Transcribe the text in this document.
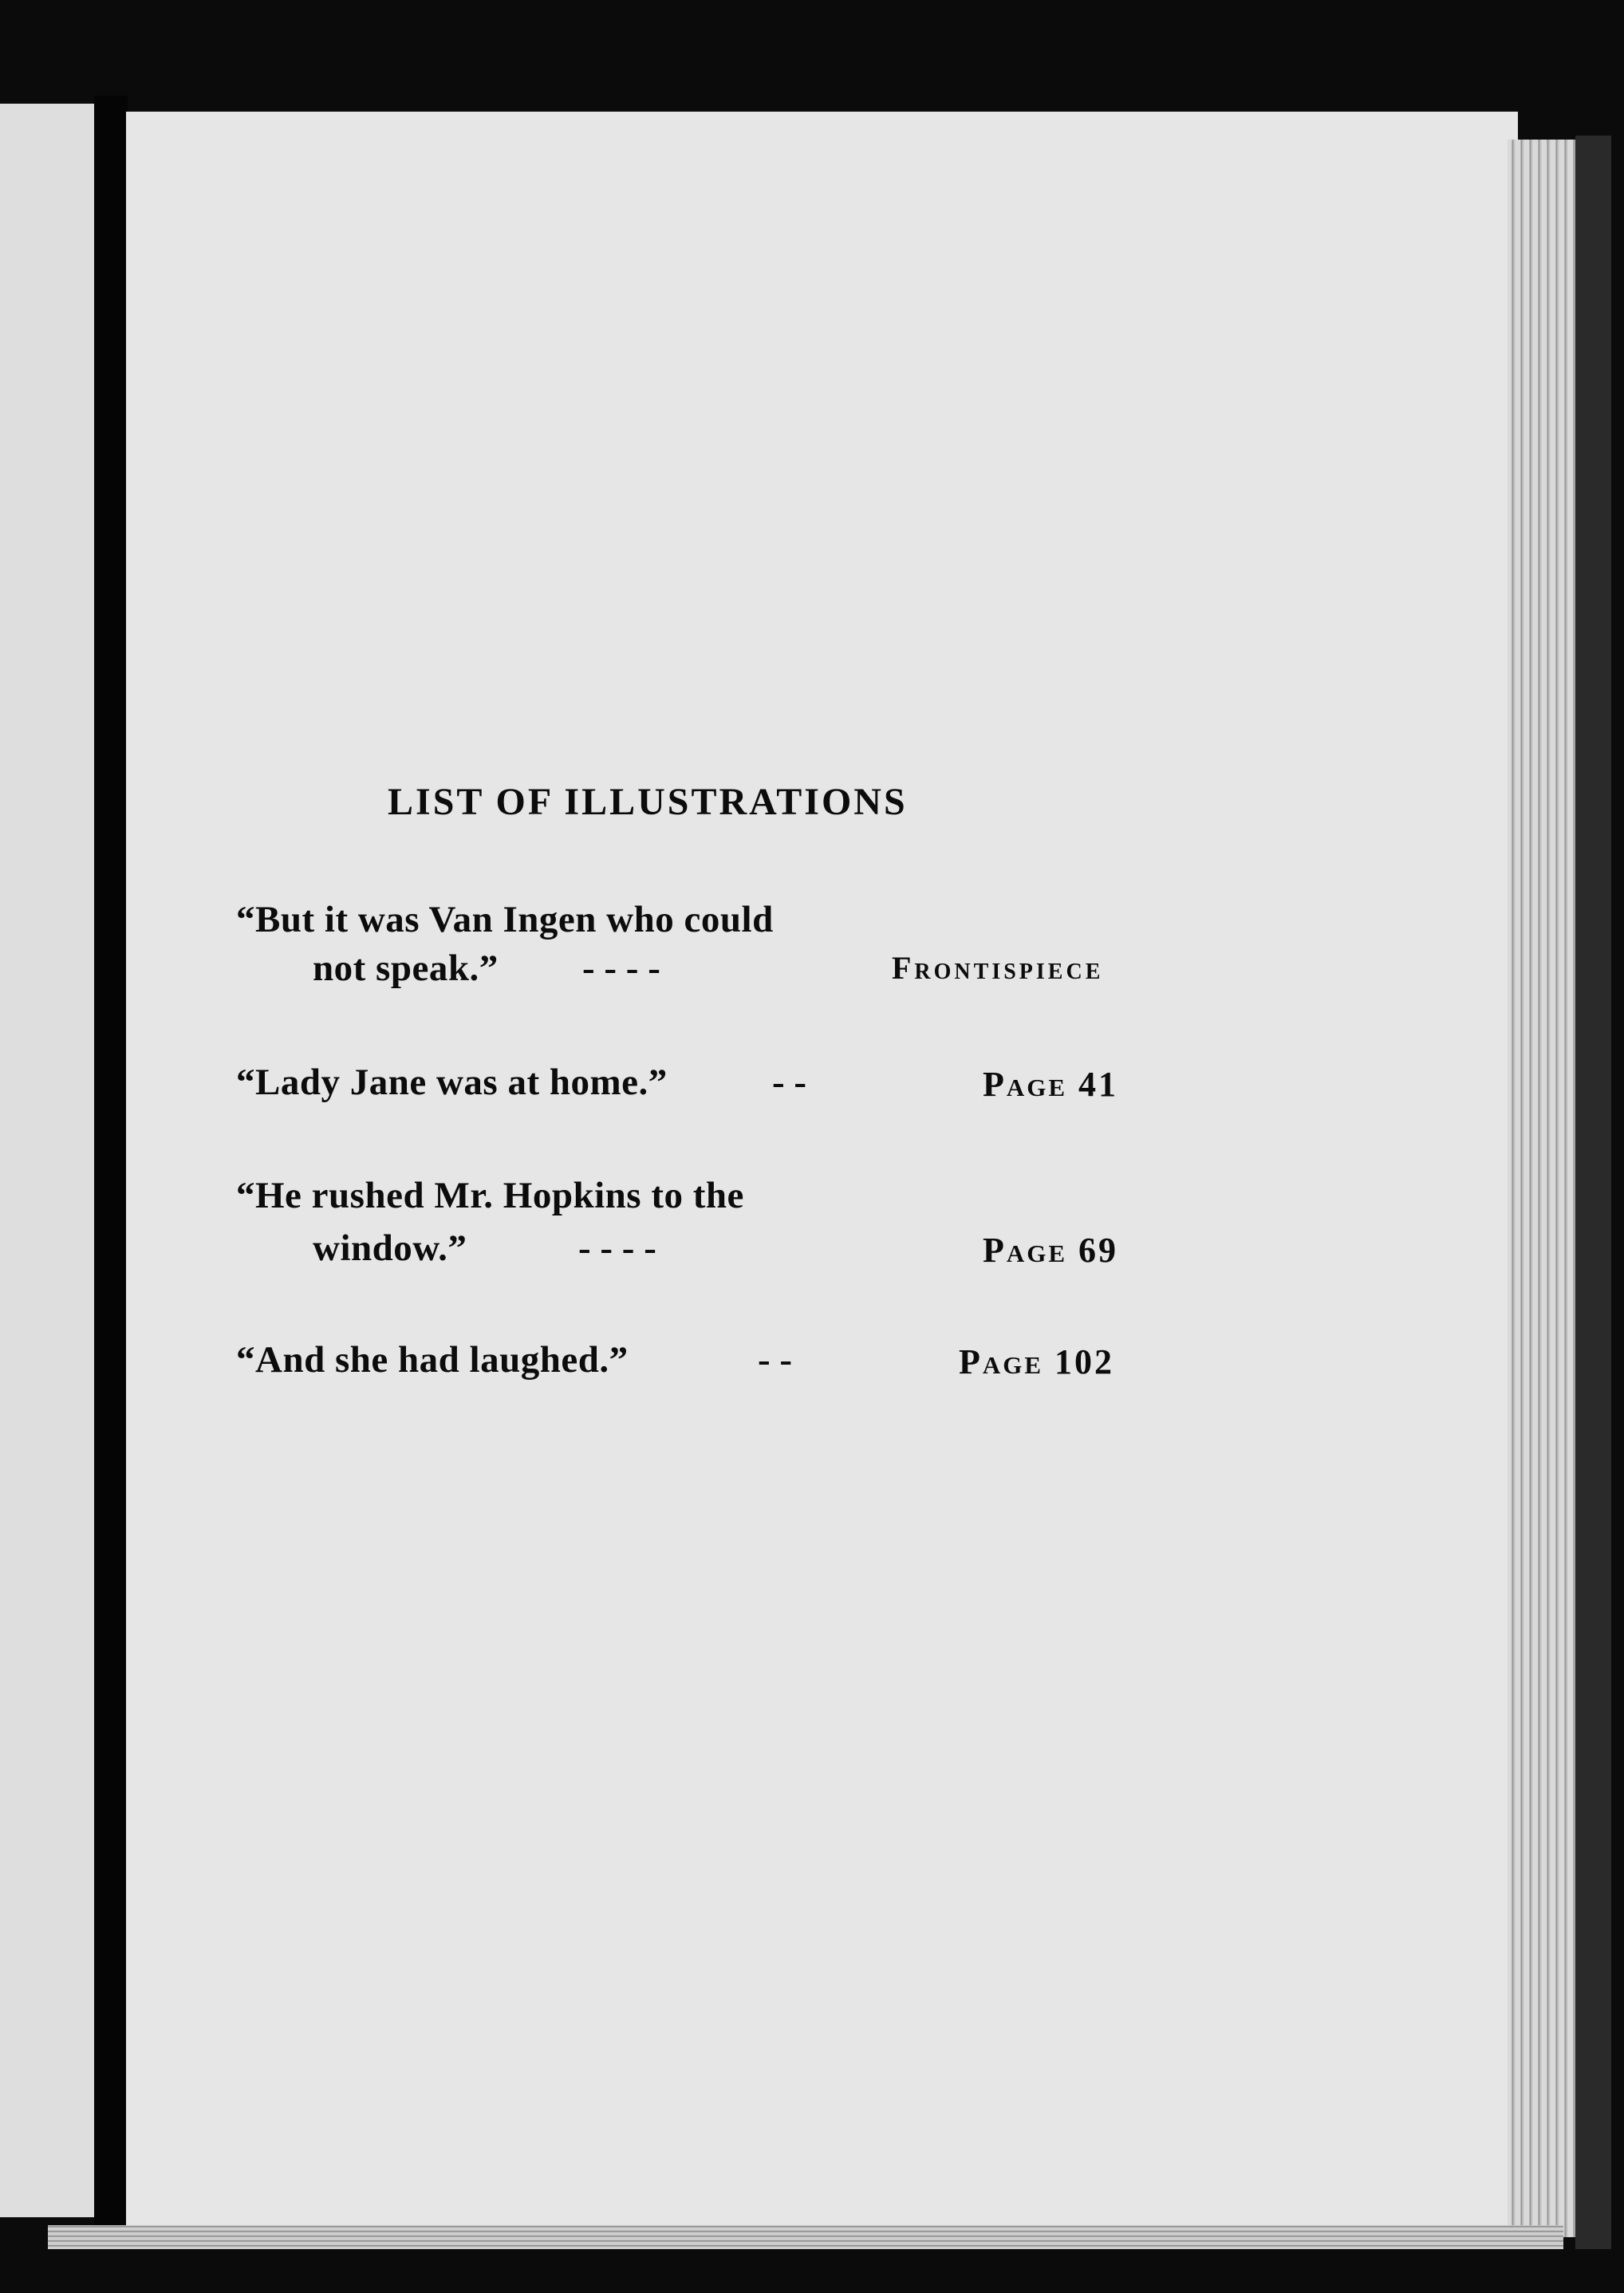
LIST OF ILLUSTRATIONS
“But it was Van Ingen who could
not speak.” - - - -	Frontispiece
“Lady Jane was at home.”	- -	Page 41
“He rushed Mr. Hopkins to the
window.”	- - - -	Page 69
“And she had laughed.”	- -	Page 102
